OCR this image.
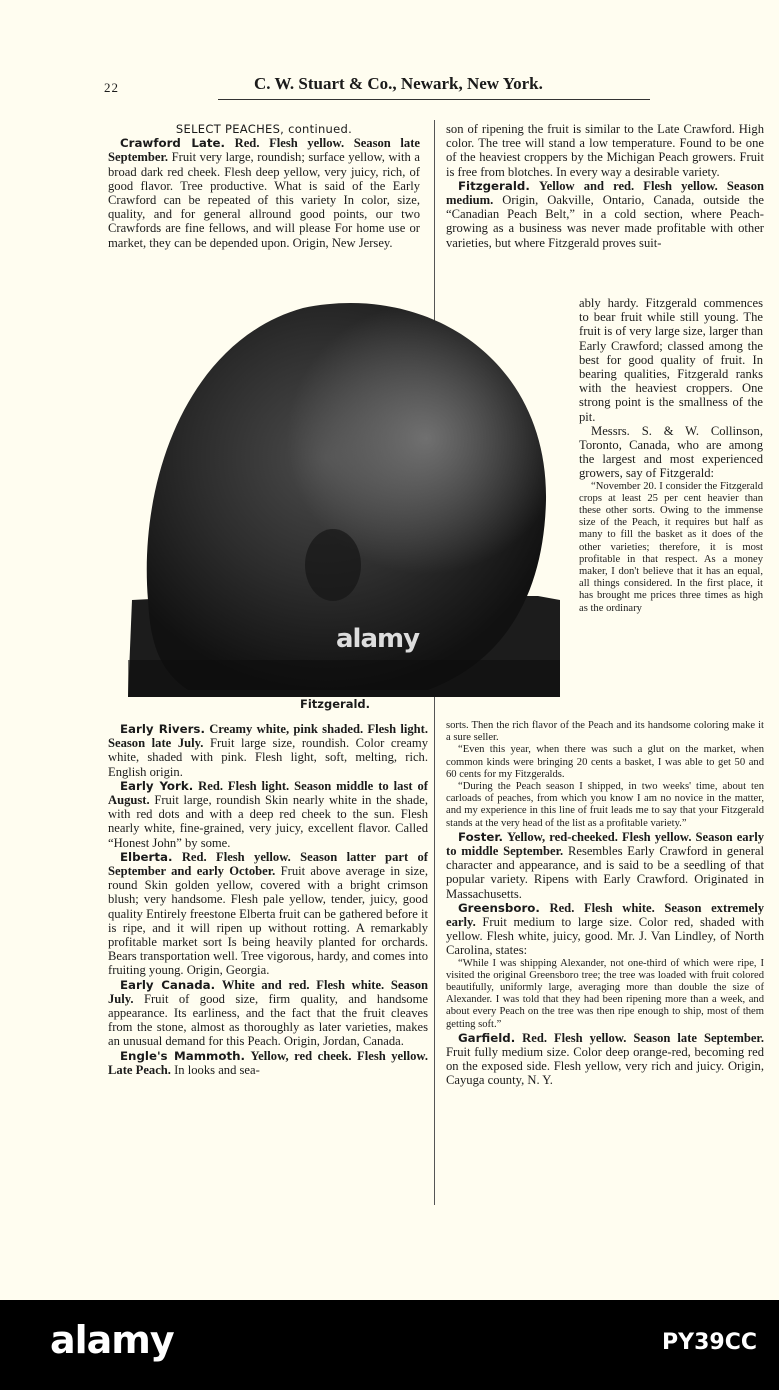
22	C. W. Stuart & Co., Newark, New York.

SELECT PEACHES, continued.

Crawford Late. Red. Flesh yellow. Season late September. Fruit very large, roundish; surface yellow, with a broad dark red cheek. Flesh deep yellow, very juicy, rich, of good flavor. Tree productive. What is said of the Early Crawford can be repeated of this variety In color, size, quality, and for general allround good points, our two Crawfords are fine fellows, and will please For home use or market, they can be depended upon. Origin, New Jersey.

alamy
Fitzgerald.

Early Rivers. Creamy white, pink shaded. Flesh light. Season late July. Fruit large size, roundish. Color creamy white, shaded with pink. Flesh light, soft, melting, rich. English origin.

Early York. Red. Flesh light. Season middle to last of August. Fruit large, roundish Skin nearly white in the shade, with red dots and with a deep red cheek to the sun. Flesh nearly white, fine-grained, very juicy, excellent flavor. Called “Honest John” by some.

Elberta. Red. Flesh yellow. Season latter part of September and early October. Fruit above average in size, round Skin golden yellow, covered with a bright crimson blush; very handsome. Flesh pale yellow, tender, juicy, good quality Entirely freestone Elberta fruit can be gathered before it is ripe, and it will ripen up without rotting. A remarkably profitable market sort Is being heavily planted for orchards. Bears transportation well. Tree vigorous, hardy, and comes into fruiting young. Origin, Georgia.

Early Canada. White and red. Flesh white. Season July. Fruit of good size, firm quality, and handsome appearance. Its earliness, and the fact that the fruit cleaves from the stone, almost as thoroughly as later varieties, makes an unusual demand for this Peach. Origin, Jordan, Canada.

Engle's Mammoth. Yellow, red cheek. Flesh yellow. Late Peach. In looks and sea-

son of ripening the fruit is similar to the Late Crawford. High color. The tree will stand a low temperature. Found to be one of the heaviest croppers by the Michigan Peach growers. Fruit is free from blotches. In every way a desirable variety.

Fitzgerald. Yellow and red. Flesh yellow. Season medium. Origin, Oakville, Ontario, Canada, outside the “Canadian Peach Belt,” in a cold section, where Peach-growing as a business was never made profitable with other varieties, but where Fitzgerald proves suit-

ably hardy. Fitzgerald commences to bear fruit while still young. The fruit is of very large size, larger than Early Crawford; classed among the best for good quality of fruit. In bearing qualities, Fitzgerald ranks with the heaviest croppers. One strong point is the smallness of the pit.

Messrs. S. & W. Collinson, Toronto, Canada, who are among the largest and most experienced growers, say of Fitzgerald:

“November 20. I consider the Fitzgerald crops at least 25 per cent heavier than these other sorts. Owing to the immense size of the Peach, it requires but half as many to fill the basket as it does of the other varieties; therefore, it is most profitable in that respect. As a money maker, I don't believe that it has an equal, all things considered. In the first place, it has brought me prices three times as high as the ordinary

sorts. Then the rich flavor of the Peach and its handsome coloring make it a sure seller.

“Even this year, when there was such a glut on the market, when common kinds were bringing 20 cents a basket, I was able to get 50 and 60 cents for my Fitzgeralds.

“During the Peach season I shipped, in two weeks' time, about ten carloads of peaches, from which you know I am no novice in the matter, and my experience in this line of fruit leads me to say that your Fitzgerald stands at the very head of the list as a profitable variety.”

Foster. Yellow, red-cheeked. Flesh yellow. Season early to middle September. Resembles Early Crawford in general character and appearance, and is said to be a seedling of that popular variety. Ripens with Early Crawford. Originated in Massachusetts.

Greensboro. Red. Flesh white. Season extremely early. Fruit medium to large size. Color red, shaded with yellow. Flesh white, juicy, good. Mr. J. Van Lindley, of North Carolina, states:

“While I was shipping Alexander, not one-third of which were ripe, I visited the original Greensboro tree; the tree was loaded with fruit colored beautifully, uniformly large, averaging more than double the size of Alexander. I was told that they had been ripening more than a week, and about every Peach on the tree was then ripe enough to ship, most of them getting soft.”

Garfield. Red. Flesh yellow. Season late September. Fruit fully medium size. Color deep orange-red, becoming red on the exposed side. Flesh yellow, very rich and juicy. Origin, Cayuga county, N. Y.

alamy	PY39CC
